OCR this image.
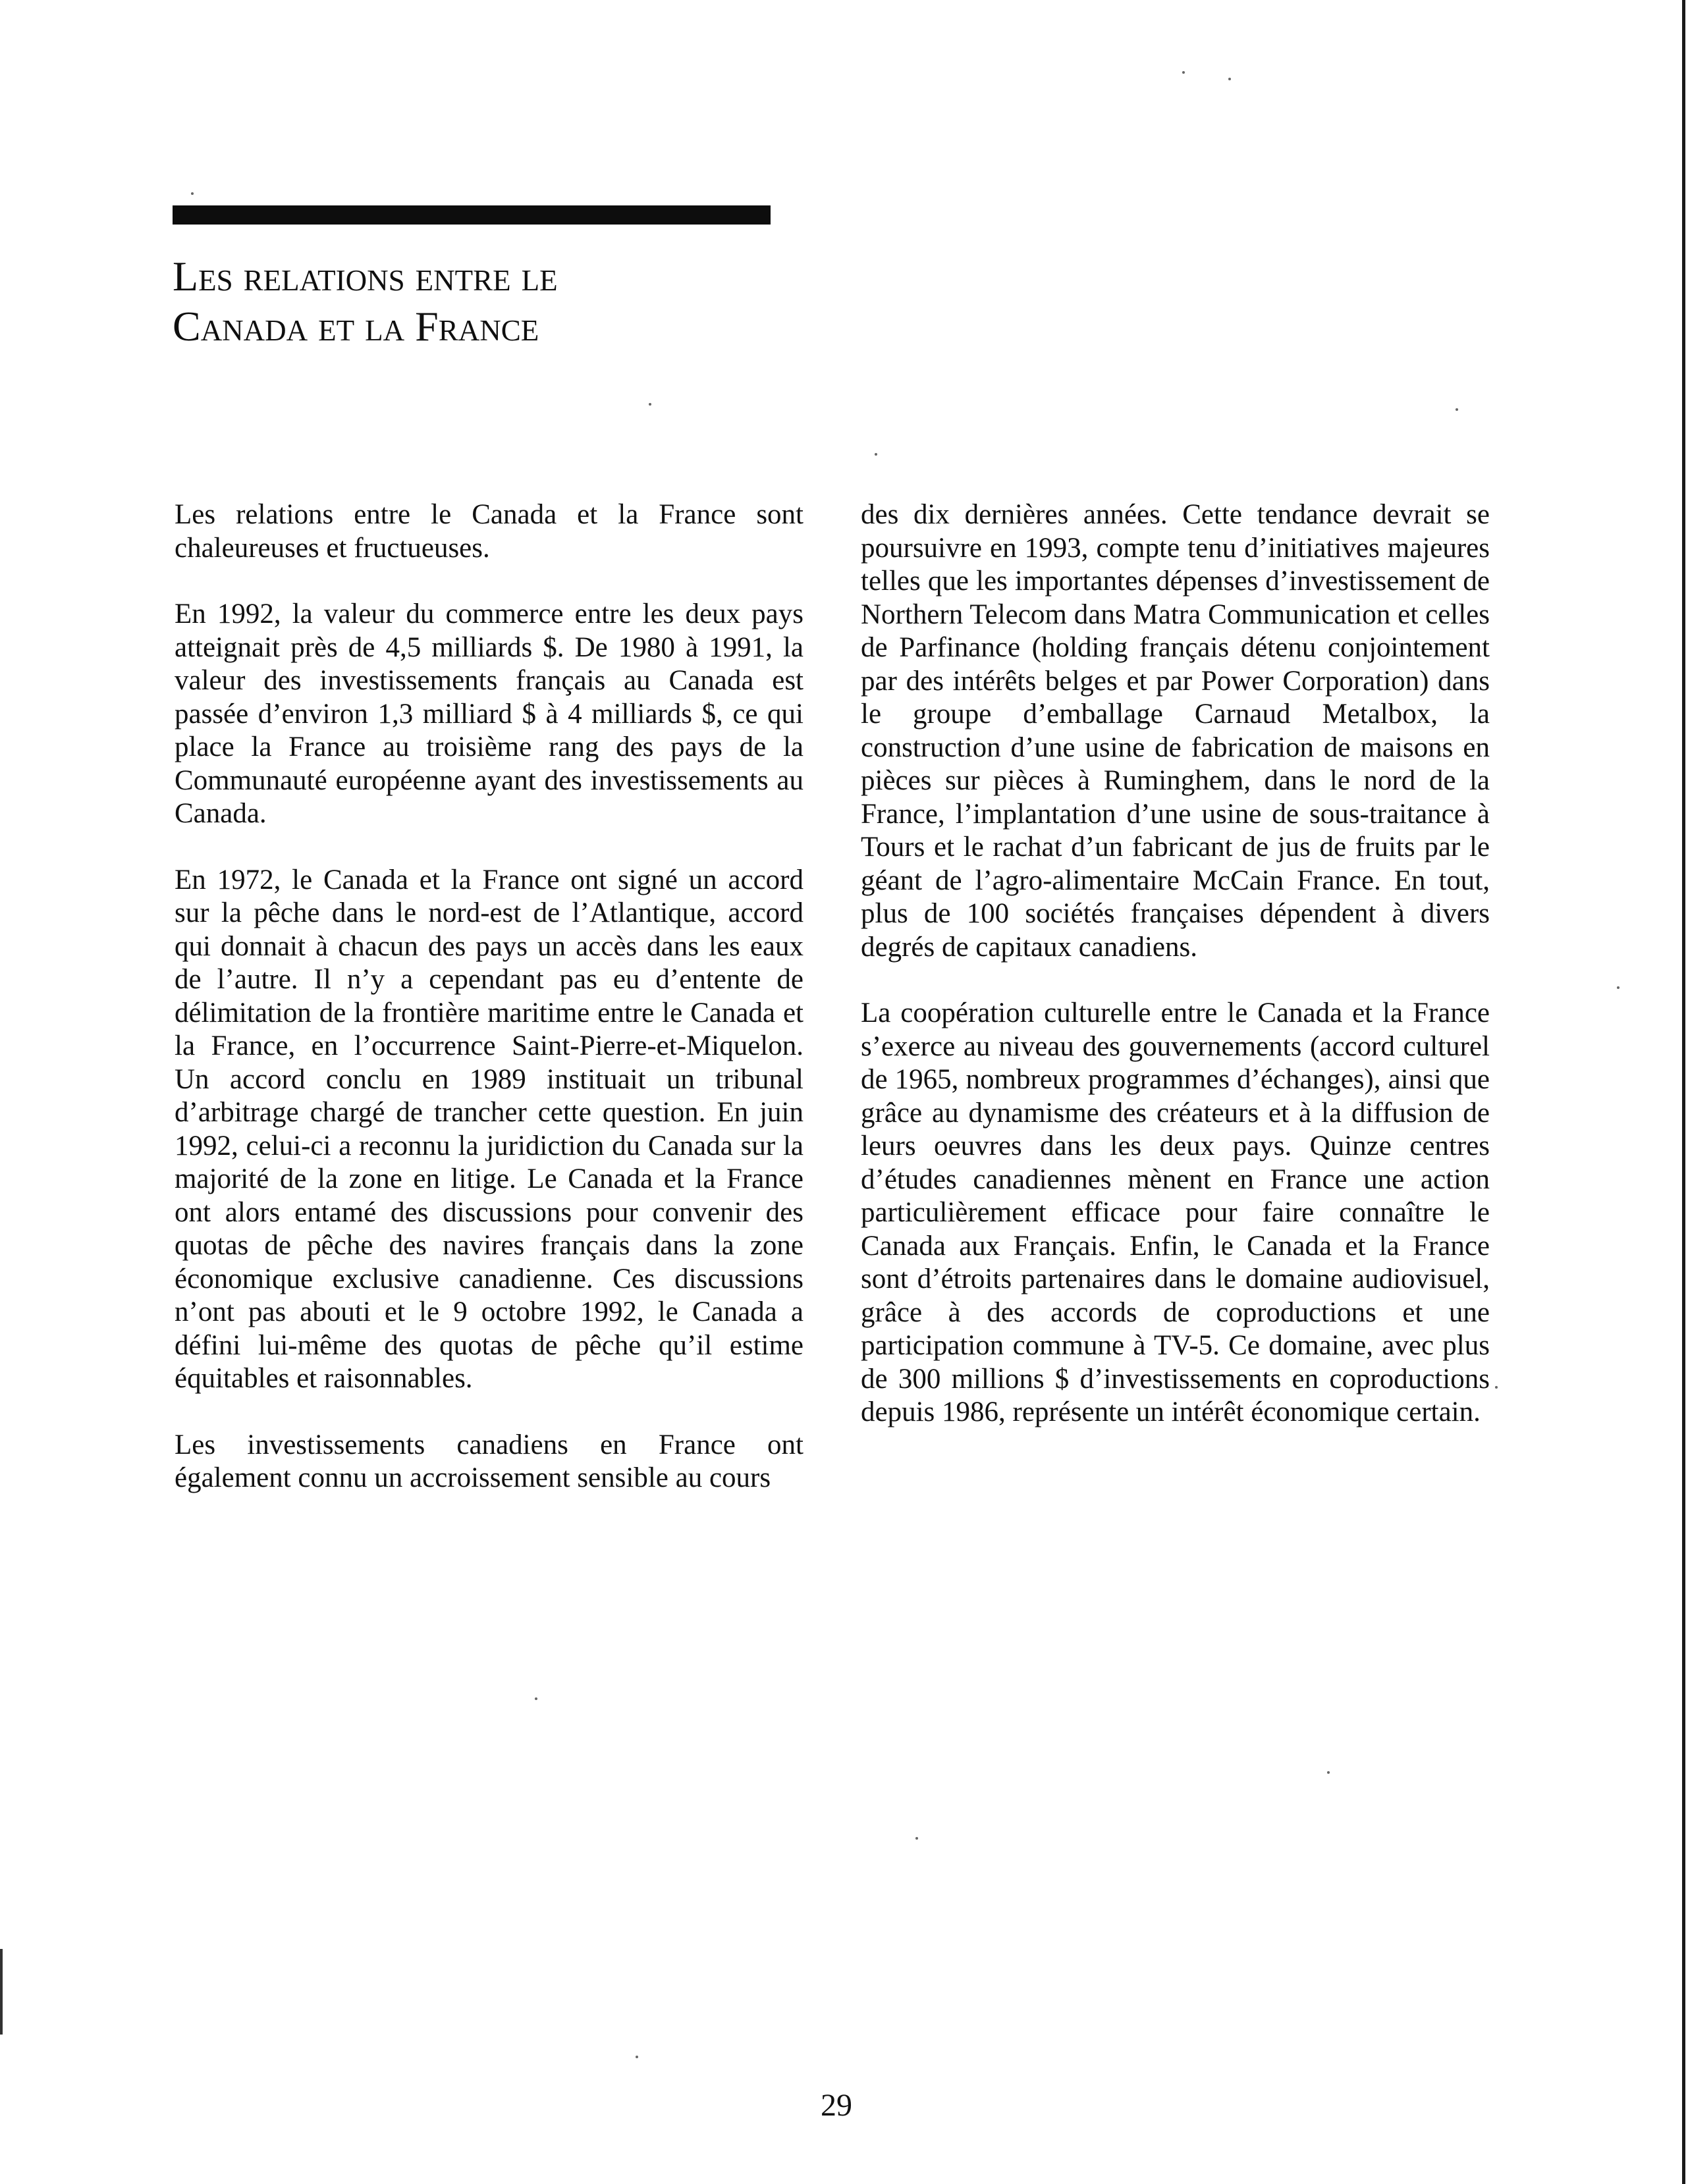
Les relations entre le
Canada et la France

Les relations entre le Canada et la France sont chaleureuses et fructueuses.

En 1992, la valeur du commerce entre les deux pays atteignait près de 4,5 milliards $. De 1980 à 1991, la valeur des investissements français au Canada est passée d’environ 1,3 milliard $ à 4 milliards $, ce qui place la France au troisième rang des pays de la Communauté européenne ayant des investissements au Canada.

En 1972, le Canada et la France ont signé un accord sur la pêche dans le nord-est de l’Atlantique, accord qui donnait à chacun des pays un accès dans les eaux de l’autre. Il n’y a cependant pas eu d’entente de délimitation de la frontière maritime entre le Canada et la France, en l’occurrence Saint-Pierre-et-Miquelon. Un accord conclu en 1989 instituait un tribunal d’arbitrage chargé de trancher cette question. En juin 1992, celui-ci a reconnu la juridiction du Canada sur la majorité de la zone en litige. Le Canada et la France ont alors entamé des discussions pour convenir des quotas de pêche des navires français dans la zone économique exclusive canadienne. Ces discussions n’ont pas abouti et le 9 octobre 1992, le Canada a défini lui-même des quotas de pêche qu’il estime équitables et raisonnables.

Les investissements canadiens en France ont également connu un accroissement sensible au cours

des dix dernières années. Cette tendance devrait se poursuivre en 1993, compte tenu d’initiatives majeures telles que les importantes dépenses d’investissement de Northern Telecom dans Matra Communication et celles de Parfinance (holding français détenu conjointement par des intérêts belges et par Power Corporation) dans le groupe d’emballage Carnaud Metalbox, la construction d’une usine de fabrication de maisons en pièces sur pièces à Ruminghem, dans le nord de la France, l’implantation d’une usine de sous-traitance à Tours et le rachat d’un fabricant de jus de fruits par le géant de l’agro-alimentaire McCain France. En tout, plus de 100 sociétés françaises dépendent à divers degrés de capitaux canadiens.

La coopération culturelle entre le Canada et la France s’exerce au niveau des gouvernements (accord culturel de 1965, nombreux programmes d’échanges), ainsi que grâce au dynamisme des créateurs et à la diffusion de leurs oeuvres dans les deux pays. Quinze centres d’études canadiennes mènent en France une action particulièrement efficace pour faire connaître le Canada aux Français. Enfin, le Canada et la France sont d’étroits partenaires dans le domaine audiovisuel, grâce à des accords de coproductions et une participation commune à TV-5. Ce domaine, avec plus de 300 millions $ d’investissements en coproductions depuis 1986, représente un intérêt économique certain.

29
